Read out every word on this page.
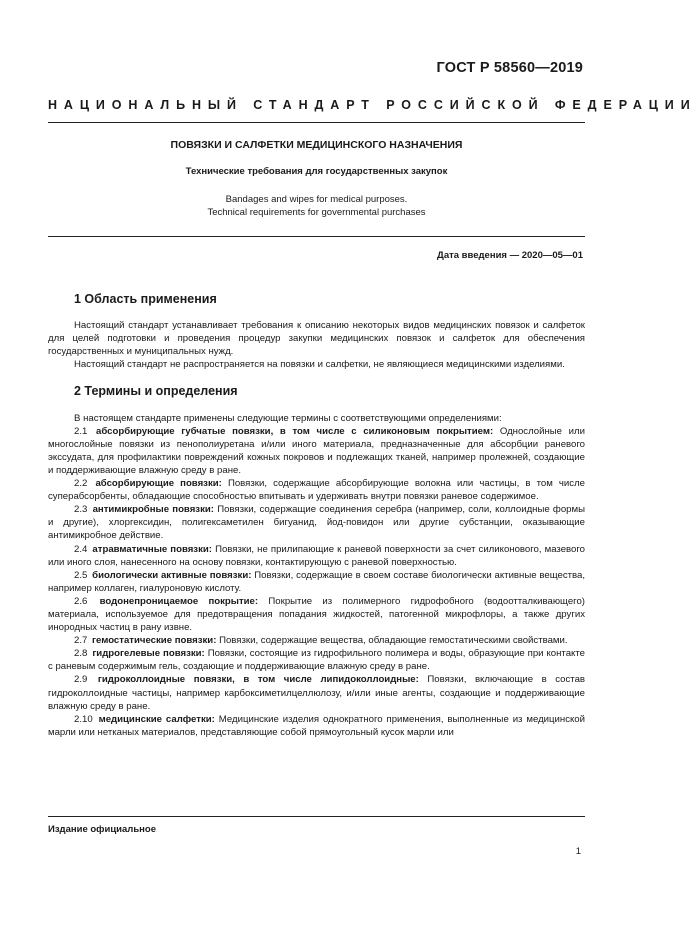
ГОСТ Р 58560—2019
НАЦИОНАЛЬНЫЙ СТАНДАРТ РОССИЙСКОЙ ФЕДЕРАЦИИ
ПОВЯЗКИ И САЛФЕТКИ МЕДИЦИНСКОГО НАЗНАЧЕНИЯ
Технические требования для государственных закупок
Bandages and wipes for medical purposes.
Technical requirements for governmental purchases
Дата введения — 2020—05—01
1 Область применения

Настоящий стандарт устанавливает требования к описанию некоторых видов медицинских повязок и салфеток для целей подготовки и проведения процедур закупки медицинских повязок и салфеток для обеспечения государственных и муниципальных нужд.

Настоящий стандарт не распространяется на повязки и салфетки, не являющиеся медицинскими изделиями.

2 Термины и определения

В настоящем стандарте применены следующие термины с соответствующими определениями:

2.1 абсорбирующие губчатые повязки, в том числе с силиконовым покрытием: Однослойные или многослойные повязки из пенополиуретана и/или иного материала, предназначенные для абсорбции раневого экссудата, для профилактики повреждений кожных покровов и подлежащих тканей, например пролежней, создающие и поддерживающие влажную среду в ране.

2.2 абсорбирующие повязки: Повязки, содержащие абсорбирующие волокна или частицы, в том числе суперабсорбенты, обладающие способностью впитывать и удерживать внутри повязки раневое содержимое.

2.3 антимикробные повязки: Повязки, содержащие соединения серебра (например, соли, коллоидные формы и другие), хлоргексидин, полигексаметилен бигуанид, йод-повидон или другие субстанции, оказывающие антимикробное действие.

2.4 атравматичные повязки: Повязки, не прилипающие к раневой поверхности за счет силиконового, мазевого или иного слоя, нанесенного на основу повязки, контактирующую с раневой поверхностью.

2.5 биологически активные повязки: Повязки, содержащие в своем составе биологически активные вещества, например коллаген, гиалуроновую кислоту.

2.6 водонепроницаемое покрытие: Покрытие из полимерного гидрофобного (водоотталкивающего) материала, используемое для предотвращения попадания жидкостей, патогенной микрофлоры, а также других инородных частиц в рану извне.

2.7 гемостатические повязки: Повязки, содержащие вещества, обладающие гемостатическими свойствами.

2.8 гидрогелевые повязки: Повязки, состоящие из гидрофильного полимера и воды, образующие при контакте с раневым содержимым гель, создающие и поддерживающие влажную среду в ране.

2.9 гидроколлоидные повязки, в том числе липидоколлоидные: Повязки, включающие в состав гидроколлоидные частицы, например карбоксиметилцеллюлозу, и/или иные агенты, создающие и поддерживающие влажную среду в ране.

2.10 медицинские салфетки: Медицинские изделия однократного применения, выполненные из медицинской марли или нетканых материалов, представляющие собой прямоугольный кусок марли или

Издание официальное
1
